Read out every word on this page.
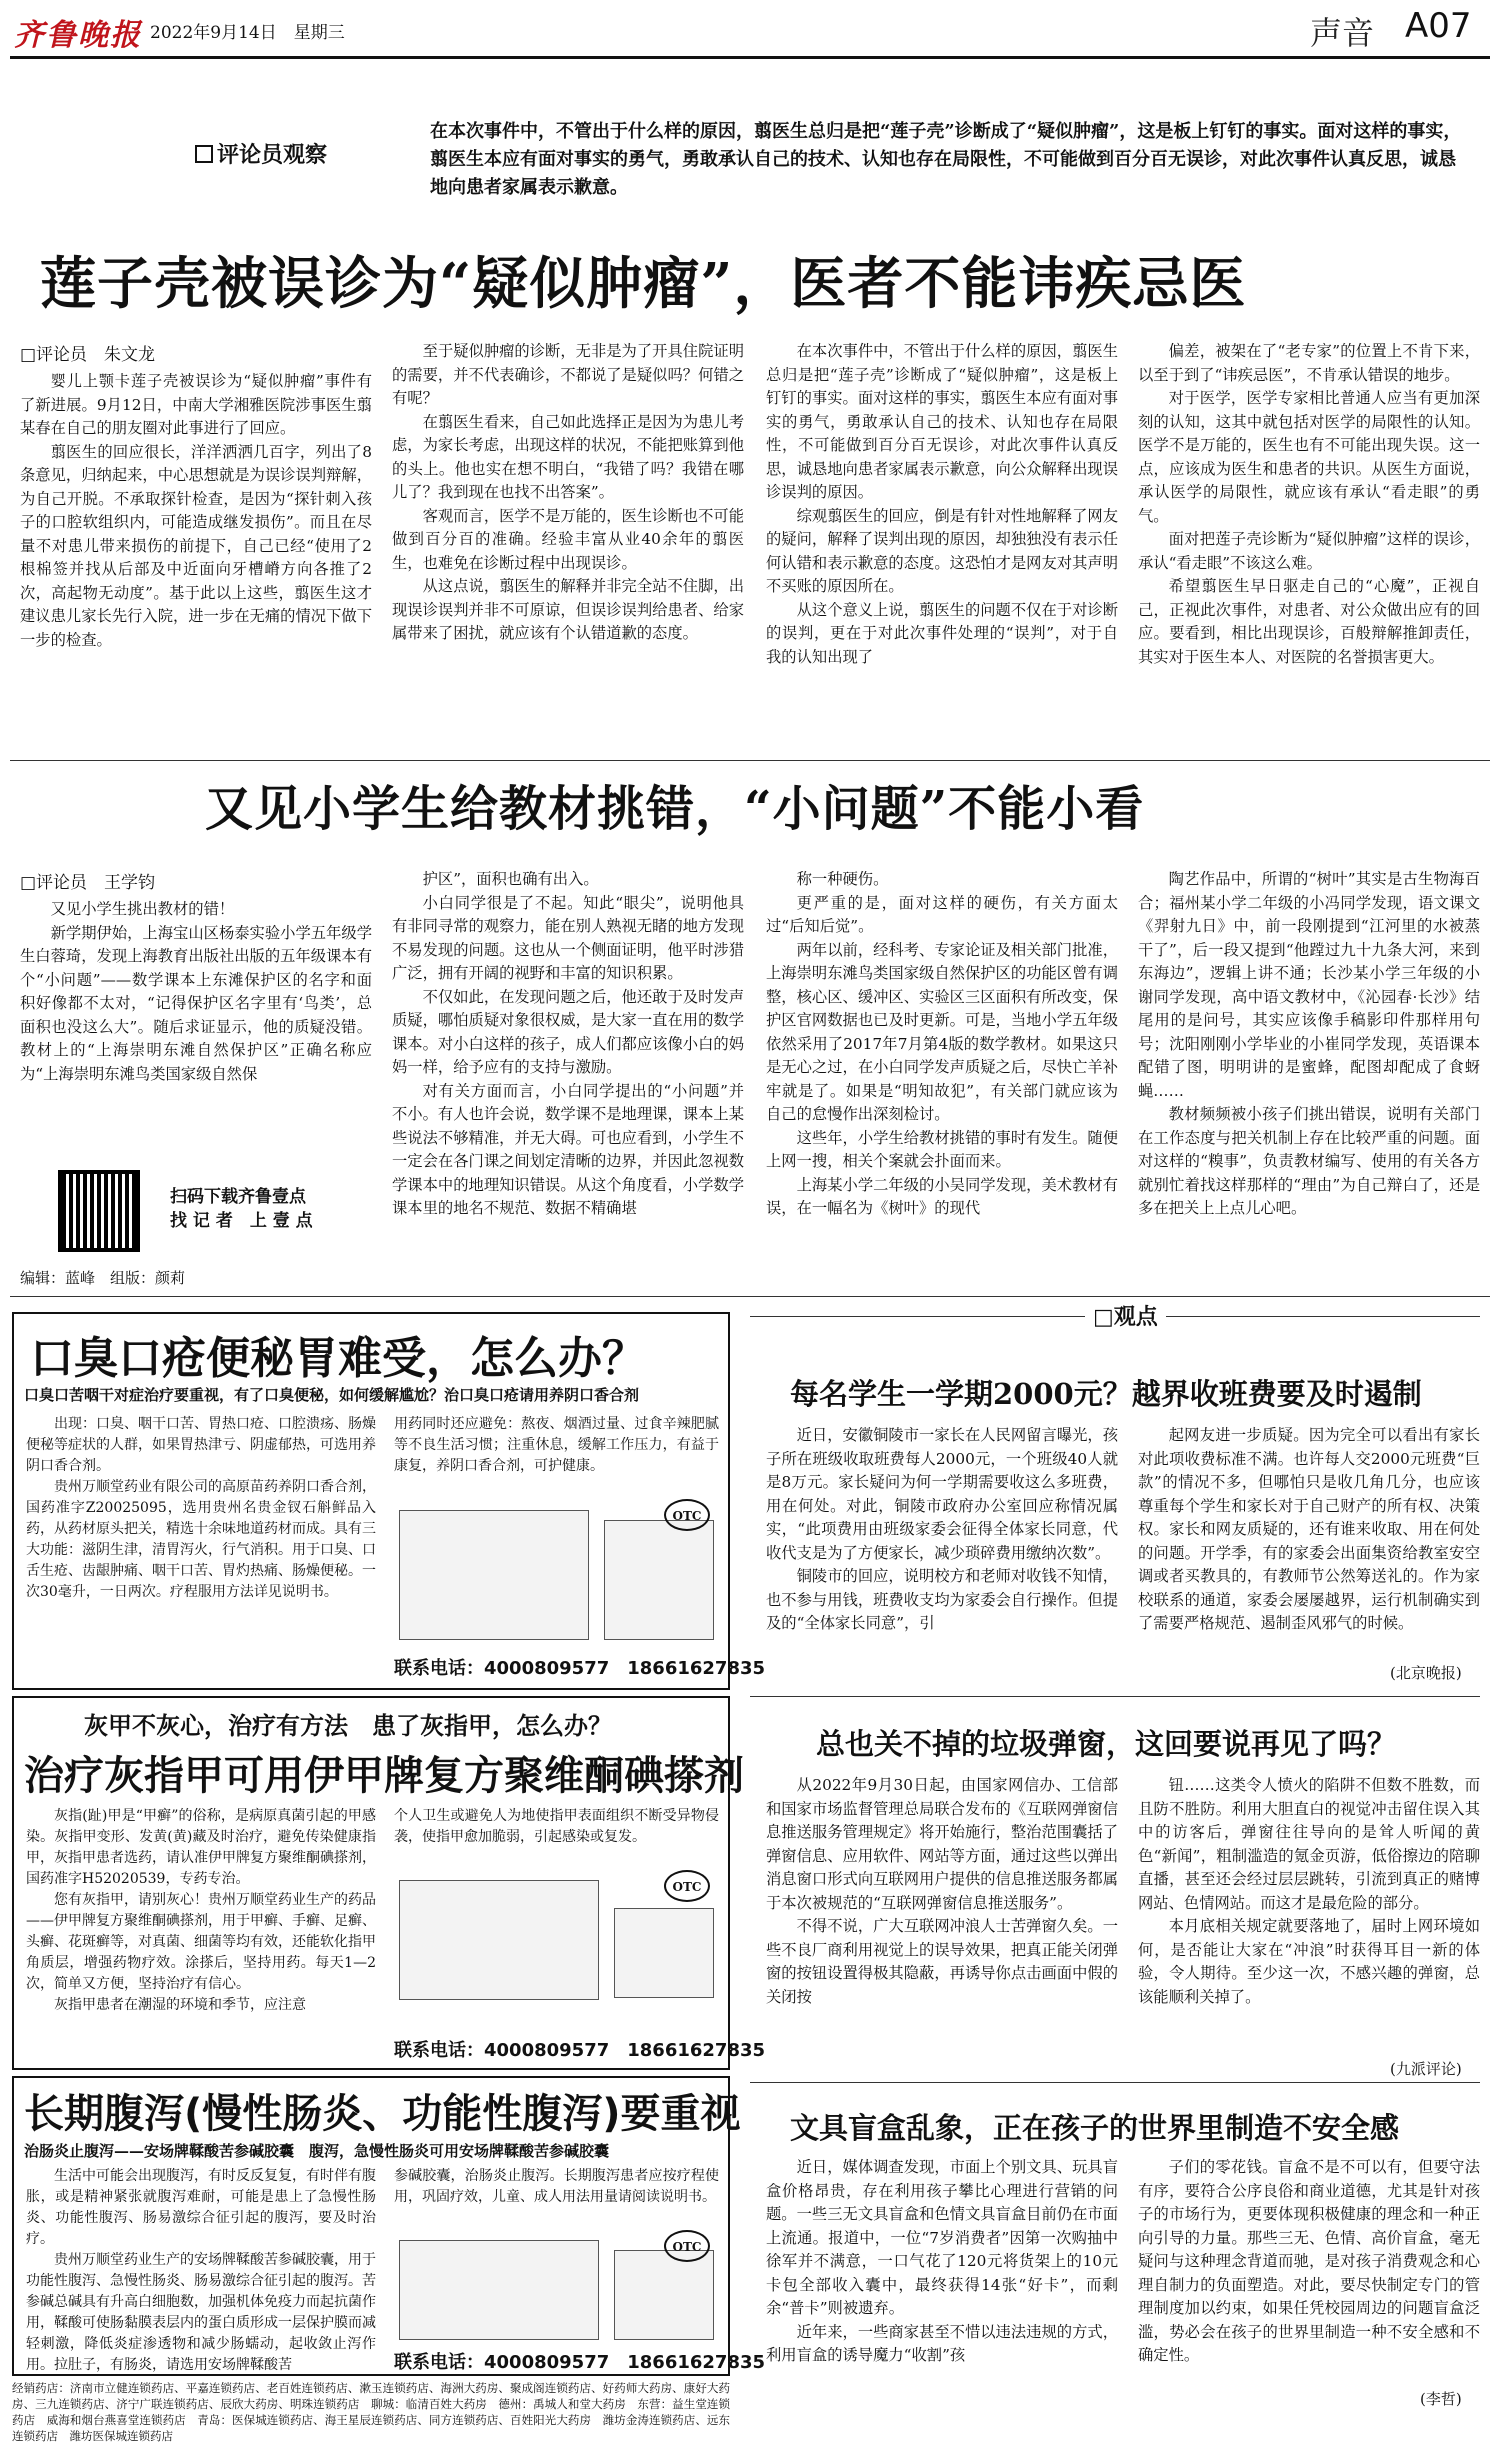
齐鲁晚报 2022年9月14日　 星期三	声音 A07
评论员观察
在本次事件中，不管出于什么样的原因，翦医生总归是把“莲子壳”诊断成了“疑似肿瘤”，这是板上钉钉的事实。面对这样的事实，翦医生本应有面对事实的勇气，勇敢承认自己的技术、认知也存在局限性，不可能做到百分百无误诊，对此次事件认真反思，诚恳地向患者家属表示歉意。
莲子壳被误诊为“疑似肿瘤”，医者不能讳疾忌医
□评论员　朱文龙
婴儿上颚卡莲子壳被误诊为“疑似肿瘤”事件有了新进展。9月12日，中南大学湘雅医院涉事医生翦某春在自己的朋友圈对此事进行了回应。
翦医生的回应很长，洋洋洒洒几百字，列出了8条意见，归纳起来，中心思想就是为误诊误判辩解，为自己开脱。不承取探针检查，是因为“探针刺入孩子的口腔软组织内，可能造成继发损伤”。而且在尽量不对患儿带来损伤的前提下，自己已经“使用了2根棉签并找从后部及中近面向牙槽嵴方向各推了2次，高起物无动度”。基于此以上这些，翦医生这才建议患儿家长先行入院，进一步在无痛的情况下做下一步的检查。
至于疑似肿瘤的诊断，无非是为了开具住院证明的需要，并不代表确诊，不都说了是疑似吗？何错之有呢？
在翦医生看来，自己如此选择正是因为为患儿考虑，为家长考虑，出现这样的状况，不能把账算到他的头上。他也实在想不明白，“我错了吗？我错在哪儿了？我到现在也找不出答案”。
客观而言，医学不是万能的，医生诊断也不可能做到百分百的准确。经验丰富从业40余年的翦医生，也难免在诊断过程中出现误诊。
从这点说，翦医生的解释并非完全站不住脚，出现误诊误判并非不可原谅，但误诊误判给患者、给家属带来了困扰，就应该有个认错道歉的态度。
在本次事件中，不管出于什么样的原因，翦医生总归是把“莲子壳”诊断成了“疑似肿瘤”，这是板上钉钉的事实。面对这样的事实，翦医生本应有面对事实的勇气，勇敢承认自己的技术、认知也存在局限性，不可能做到百分百无误诊，对此次事件认真反思，诚恳地向患者家属表示歉意，向公众解释出现误诊误判的原因。
综观翦医生的回应，倒是有针对性地解释了网友的疑问，解释了误判出现的原因，却独独没有表示任何认错和表示歉意的态度。这恐怕才是网友对其声明不买账的原因所在。
从这个意义上说，翦医生的问题不仅在于对诊断的误判，更在于对此次事件处理的“误判”，对于自我的认知出现了
偏差，被架在了“老专家”的位置上不肯下来，以至于到了“讳疾忌医”，不肯承认错误的地步。
对于医学，医学专家相比普通人应当有更加深刻的认知，这其中就包括对医学的局限性的认知。医学不是万能的，医生也有不可能出现失误。这一点，应该成为医生和患者的共识。从医生方面说，承认医学的局限性，就应该有承认“看走眼”的勇气。
面对把莲子壳诊断为“疑似肿瘤”这样的误诊，承认“看走眼”不该这么难。
希望翦医生早日驱走自己的“心魔”，正视自己，正视此次事件，对患者、对公众做出应有的回应。要看到，相比出现误诊，百般辩解推卸责任，其实对于医生本人、对医院的名誉损害更大。
又见小学生给教材挑错，“小问题”不能小看
□评论员　王学钧
又见小学生挑出教材的错！
新学期伊始，上海宝山区杨泰实验小学五年级学生白蓉琦，发现上海教育出版社出版的五年级课本有个“小问题”——数学课本上东滩保护区的名字和面积好像都不太对，“记得保护区名字里有‘鸟类’，总面积也没这么大”。随后求证显示，他的质疑没错。教材上的“上海崇明东滩自然保护区”正确名称应为“上海崇明东滩鸟类国家级自然保
护区”，面积也确有出入。
小白同学很是了不起。知此“眼尖”，说明他具有非同寻常的观察力，能在别人熟视无睹的地方发现不易发现的问题。这也从一个侧面证明，他平时涉猎广泛，拥有开阔的视野和丰富的知识积累。
不仅如此，在发现问题之后，他还敢于及时发声质疑，哪怕质疑对象很权威，是大家一直在用的数学课本。对小白这样的孩子，成人们都应该像小白的妈妈一样，给予应有的支持与激励。
对有关方面而言，小白同学提出的“小问题”并不小。有人也许会说，数学课不是地理课，课本上某些说法不够精准，并无大碍。可也应看到，小学生不一定会在各门课之间划定清晰的边界，并因此忽视数学课本中的地理知识错误。从这个角度看，小学数学课本里的地名不规范、数据不精确堪
称一种硬伤。
更严重的是，面对这样的硬伤，有关方面太过“后知后觉”。
两年以前，经科考、专家论证及相关部门批准，上海崇明东滩鸟类国家级自然保护区的功能区曾有调整，核心区、缓冲区、实验区三区面积有所改变，保护区官网数据也已及时更新。可是，当地小学五年级依然采用了2017年7月第4版的数学教材。如果这只是无心之过，在小白同学发声质疑之后，尽快亡羊补牢就是了。如果是“明知故犯”，有关部门就应该为自己的怠慢作出深刻检讨。
这些年，小学生给教材挑错的事时有发生。随便上网一搜，相关个案就会扑面而来。
上海某小学二年级的小吴同学发现，美术教材有误，在一幅名为《树叶》的现代
陶艺作品中，所谓的“树叶”其实是古生物海百合；福州某小学二年级的小冯同学发现，语文课文《羿射九日》中，前一段刚提到“江河里的水被蒸干了”，后一段又提到“他蹚过九十九条大河，来到东海边”，逻辑上讲不通；长沙某小学三年级的小谢同学发现，高中语文教材中，《沁园春·长沙》结尾用的是问号，其实应该像手稿影印件那样用句号；沈阳刚刚小学毕业的小崔同学发现，英语课本配错了图，明明讲的是蜜蜂，配图却配成了食蚜蝇……
教材频频被小孩子们挑出错误，说明有关部门在工作态度与把关机制上存在比较严重的问题。面对这样的“糗事”，负责教材编写、使用的有关各方就别忙着找这样那样的“理由”为自己辩白了，还是多在把关上上点儿心吧。
扫码下载齐鲁壹点
找 记 者　上 壹 点
编辑：蓝峰　组版：颜莉
口臭口疮便秘胃难受，怎么办？
口臭口苦咽干对症治疗要重视，有了口臭便秘，如何缓解尴尬？治口臭口疮请用养阴口香合剂
出现：口臭、咽干口苦、胃热口疮、口腔溃疡、肠燥便秘等症状的人群，如果胃热津亏、阴虚郁热，可选用养阴口香合剂。
贵州万顺堂药业有限公司的高原苗药养阴口香合剂，国药准字Z20025095，选用贵州名贵金钗石斛鲜品入药，从药材原头把关，精选十余味地道药材而成。具有三大功能：滋阴生津，清胃泻火，行气消积。用于口臭、口舌生疮、齿龈肿痛、咽干口苦、胃灼热痛、肠燥便秘。一次30毫升，一日两次。疗程服用方法详见说明书。
用药同时还应避免：熬夜、烟酒过量、过食辛辣肥腻等不良生活习惯；注重休息，缓解工作压力，有益于康复，养阴口香合剂，可护健康。
OTC
联系电话：4000809577　18661627835
灰甲不灰心，治疗有方法　患了灰指甲，怎么办？
治疗灰指甲可用伊甲牌复方聚维酮碘搽剂
灰指(趾)甲是“甲癣”的俗称，是病原真菌引起的甲感染。灰指甲变形、发黄(黄)藏及时治疗，避免传染健康指甲，灰指甲患者选药，请认准伊甲牌复方聚维酮碘搽剂，国药准字H52020539，专药专治。
您有灰指甲，请别灰心！贵州万顺堂药业生产的药品——伊甲牌复方聚维酮碘搽剂，用于甲癣、手癣、足癣、头癣、花斑癣等，对真菌、细菌等均有效，还能软化指甲角质层，增强药物疗效。涂搽后，坚持用药。每天1—2次，简单又方便，坚持治疗有信心。
灰指甲患者在潮湿的环境和季节，应注意
个人卫生或避免人为地使指甲表面组织不断受异物侵袭，使指甲愈加脆弱，引起感染或复发。
OTC
联系电话：4000809577　18661627835
长期腹泻(慢性肠炎、功能性腹泻)要重视
治肠炎止腹泻——安场牌鞣酸苦参碱胶囊　腹泻，急慢性肠炎可用安场牌鞣酸苦参碱胶囊
生活中可能会出现腹泻，有时反反复复，有时伴有腹胀，或是精神紧张就腹泻难耐，可能是患上了急慢性肠炎、功能性腹泻、肠易激综合征引起的腹泻，要及时治疗。
贵州万顺堂药业生产的安场牌鞣酸苦参碱胶囊，用于功能性腹泻、急慢性肠炎、肠易激综合征引起的腹泻。苦参碱总碱具有升高白细胞数，加强机体免疫力而起抗菌作用，鞣酸可使肠黏膜表层内的蛋白质形成一层保护膜而减轻刺激，降低炎症渗透物和减少肠蠕动，起收敛止泻作用。拉肚子，有肠炎，请选用安场牌鞣酸苦
参碱胶囊，治肠炎止腹泻。长期腹泻患者应按疗程使用，巩固疗效，儿童、成人用法用量请阅读说明书。
OTC
联系电话：4000809577　18661627835
经销药店：济南市立健连锁药店、平嘉连锁药店、老百姓连锁药店、漱玉连锁药店、海洲大药房、聚成阁连锁药店、好药师大药房、康好大药房、三九连锁药店、济宁广联连锁药店、辰欣大药房、明珠连锁药店　聊城：临清百姓大药房　德州：禹城人和堂大药房　东营：益生堂连锁药店　威海和烟台燕喜堂连锁药店　青岛：医保城连锁药店、海王星辰连锁药店、同方连锁药店、百姓阳光大药房　潍坊金涛连锁药店、远东连锁药店　潍坊医保城连锁药店
□观点
每名学生一学期2000元？越界收班费要及时遏制
近日，安徽铜陵市一家长在人民网留言曝光，孩子所在班级收取班费每人2000元，一个班级40人就是8万元。家长疑问为何一学期需要收这么多班费，用在何处。对此，铜陵市政府办公室回应称情况属实，“此项费用由班级家委会征得全体家长同意，代收代支是为了方便家长，减少琐碎费用缴纳次数”。
铜陵市的回应，说明校方和老师对收钱不知情，也不参与用钱，班费收支均为家委会自行操作。但提及的“全体家长同意”，引
起网友进一步质疑。因为完全可以看出有家长对此项收费标准不满。也许每人交2000元班费“巨款”的情况不多，但哪怕只是收几角几分，也应该尊重每个学生和家长对于自己财产的所有权、决策权。家长和网友质疑的，还有谁来收取、用在何处的问题。开学季，有的家委会出面集资给教室安空调或者买教具的，有教师节公然筹送礼的。作为家校联系的通道，家委会屡屡越界，运行机制确实到了需要严格规范、遏制歪风邪气的时候。
(北京晚报)
总也关不掉的垃圾弹窗，这回要说再见了吗？
从2022年9月30日起，由国家网信办、工信部和国家市场监督管理总局联合发布的《互联网弹窗信息推送服务管理规定》将开始施行，整治范围囊括了弹窗信息、应用软件、网站等方面，通过这些以弹出消息窗口形式向互联网用户提供的信息推送服务都属于本次被规范的“互联网弹窗信息推送服务”。
不得不说，广大互联网冲浪人士苦弹窗久矣。一些不良厂商利用视觉上的误导效果，把真正能关闭弹窗的按钮设置得极其隐蔽，再诱导你点击画面中假的关闭按
钮……这类令人愤火的陷阱不但数不胜数，而且防不胜防。利用大胆直白的视觉冲击留住误入其中的访客后，弹窗往往导向的是耸人听闻的黄色“新闻”，粗制滥造的氪金页游，低俗擦边的陪聊直播，甚至还会经过层层跳转，引流到真正的赌博网站、色情网站。而这才是最危险的部分。
本月底相关规定就要落地了，届时上网环境如何，是否能让大家在“冲浪”时获得耳目一新的体验，令人期待。至少这一次，不感兴趣的弹窗，总该能顺利关掉了。
(九派评论)
文具盲盒乱象，正在孩子的世界里制造不安全感
近日，媒体调查发现，市面上个别文具、玩具盲盒价格昂贵，存在利用孩子攀比心理进行营销的问题。一些三无文具盲盒和色情文具盲盒目前仍在市面上流通。报道中，一位“7岁消费者”因第一次购抽中徐军并不满意，一口气花了120元将货架上的10元卡包全部收入囊中，最终获得14张“好卡”，而剩余“普卡”则被遗弃。
近年来，一些商家甚至不惜以违法违规的方式，利用盲盒的诱导魔力“收割”孩
子们的零花钱。盲盒不是不可以有，但要守法有序，要符合公序良俗和商业道德，尤其是针对孩子的市场行为，更要体现积极健康的理念和一种正向引导的力量。那些三无、色情、高价盲盒，毫无疑问与这种理念背道而驰，是对孩子消费观念和心理自制力的负面塑造。对此，要尽快制定专门的管理制度加以约束，如果任凭校园周边的问题盲盒泛滥，势必会在孩子的世界里制造一种不安全感和不确定性。
(李哲)
